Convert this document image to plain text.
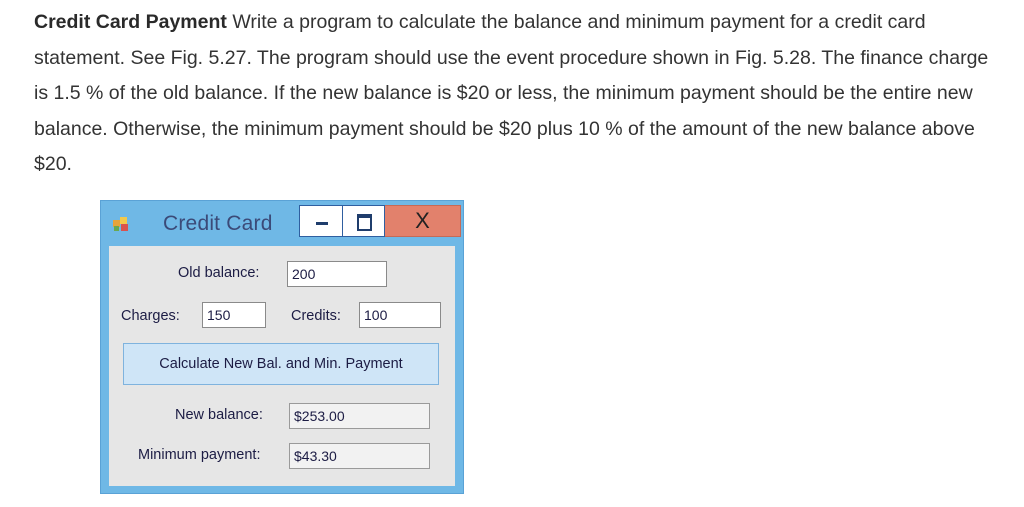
Credit Card Payment Write a program to calculate the balance and minimum payment for a credit card statement. See Fig. 5.27. The program should use the event procedure shown in Fig. 5.28. The finance charge is 1.5 % of the old balance. If the new balance is $20 or less, the minimum payment should be the entire new balance. Otherwise, the minimum payment should be $20 plus 10 % of the amount of the new balance above $20.
Credit Card	X
Old balance:	200
Charges:	150	Credits:	100
Calculate New Bal. and Min. Payment
New balance:	$253.00
Minimum payment:	$43.30
